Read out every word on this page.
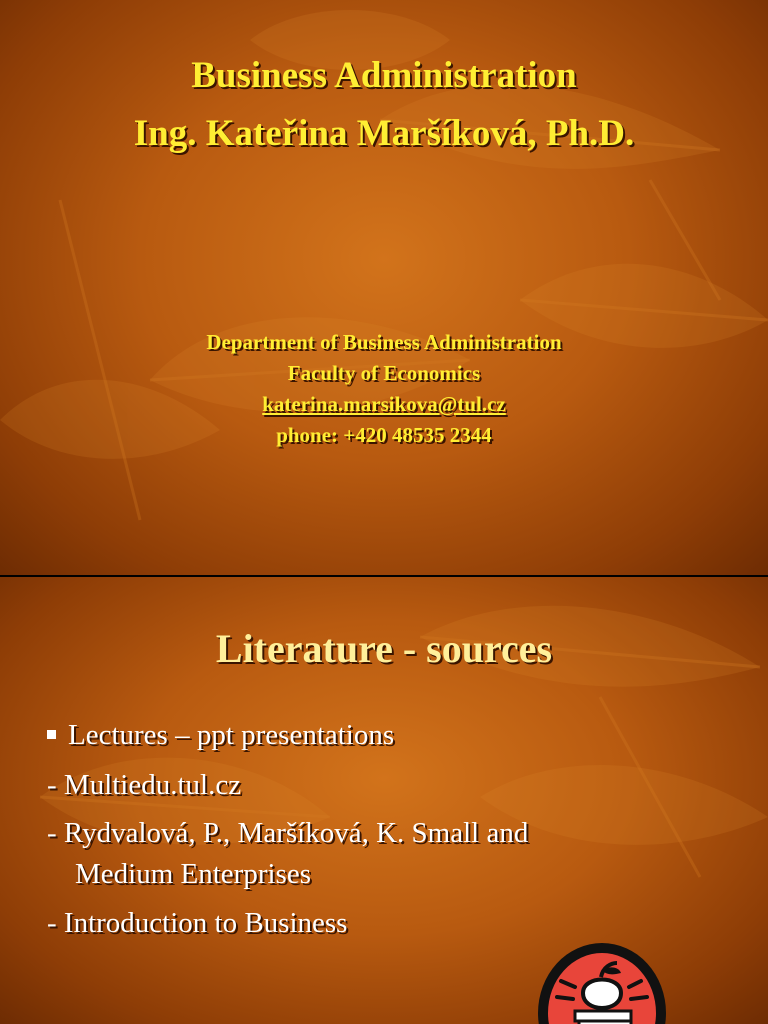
Business Administration
Ing. Kateřina Maršíková, Ph.D.
Department of Business Administration
Faculty of Economics
katerina.marsikova@tul.cz
phone: +420 48535 2344
Literature - sources
Lectures – ppt presentations
- Multiedu.tul.cz
- Rydvalová, P., Maršíková, K. Small and
Medium Enterprises
- Introduction to Business
